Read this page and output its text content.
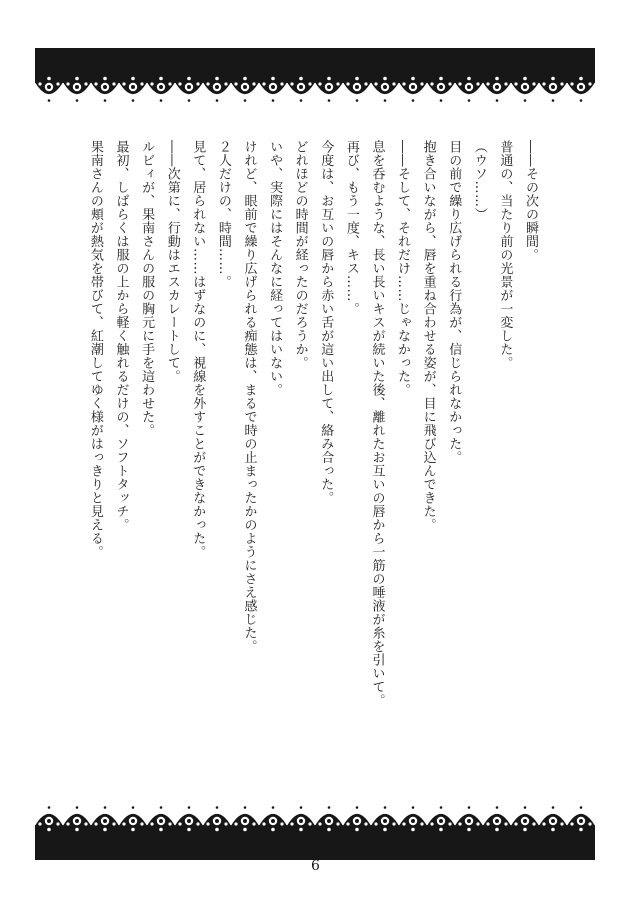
――その次の瞬間。

普通の、当たり前の光景が一変した。

（ウソ……）

目の前で繰り広げられる行為が、信じられなかった。

抱き合いながら、唇を重ね合わせる姿が、目に飛び込んできた。

――そして、それだけ……じゃなかった。

息を呑むような、長い長いキスが続いた後、離れたお互いの唇から一筋の唾液が糸を引いて。

再び、もう一度、キス……。

今度は、お互いの唇から赤い舌が這い出して、絡み合った。

どれほどの時間が経ったのだろうか。

いや、実際にはそんなに経ってはいない。

けれど、眼前で繰り広げられる痴態は、まるで時の止まったかのようにさえ感じた。

２人だけの、時間……。

見て、居られない……はずなのに、視線を外すことができなかった。

――次第に、行動はエスカレートして。

ルビィが、果南さんの服の胸元に手を這わせた。

最初、しばらくは服の上から軽く触れるだけの、ソフトタッチ。

果南さんの頬が熱気を帯びて、紅潮してゆく様がはっきりと見える。

6
